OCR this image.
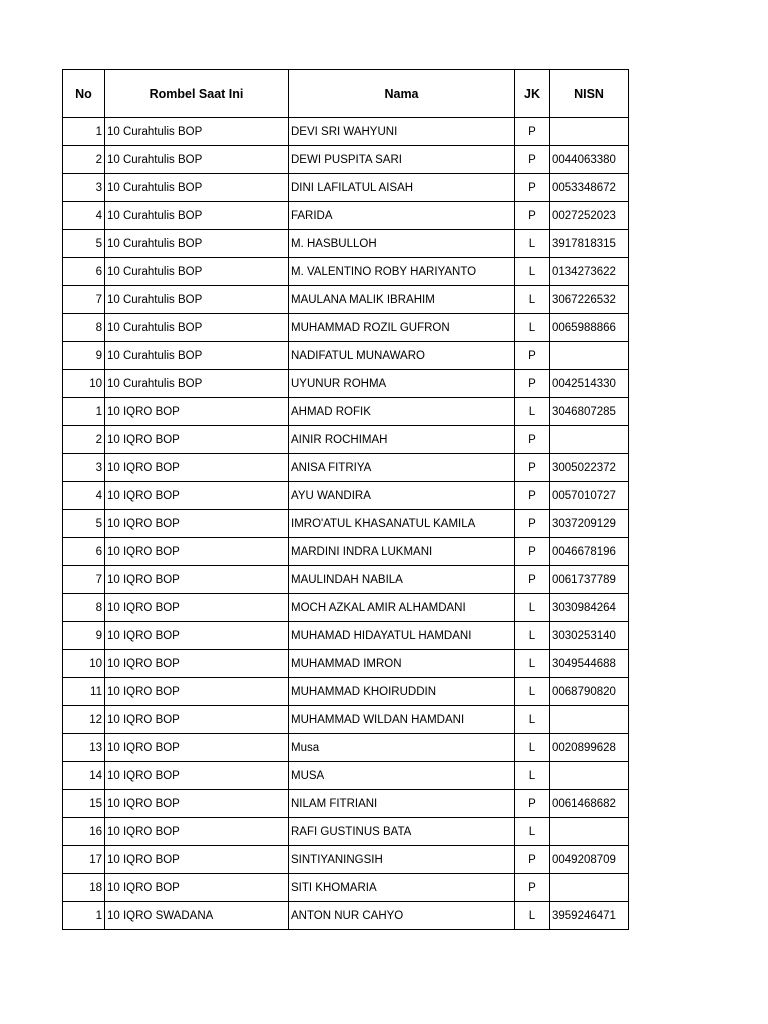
No	Rombel Saat Ini	Nama	JK	NISN
1	10 Curahtulis BOP	DEVI SRI WAHYUNI	P	
2	10 Curahtulis BOP	DEWI PUSPITA SARI	P	0044063380
3	10 Curahtulis BOP	DINI LAFILATUL AISAH	P	0053348672
4	10 Curahtulis BOP	FARIDA	P	0027252023
5	10 Curahtulis BOP	M. HASBULLOH	L	3917818315
6	10 Curahtulis BOP	M. VALENTINO ROBY HARIYANTO	L	0134273622
7	10 Curahtulis BOP	MAULANA MALIK IBRAHIM	L	3067226532
8	10 Curahtulis BOP	MUHAMMAD ROZIL GUFRON	L	0065988866
9	10 Curahtulis BOP	NADIFATUL MUNAWARO	P	
10	10 Curahtulis BOP	UYUNUR ROHMA	P	0042514330
1	10 IQRO BOP	AHMAD ROFIK	L	3046807285
2	10 IQRO BOP	AINIR ROCHIMAH	P	
3	10 IQRO BOP	ANISA FITRIYA	P	3005022372
4	10 IQRO BOP	AYU WANDIRA	P	0057010727
5	10 IQRO BOP	IMRO'ATUL KHASANATUL KAMILA	P	3037209129
6	10 IQRO BOP	MARDINI INDRA LUKMANI	P	0046678196
7	10 IQRO BOP	MAULINDAH NABILA	P	0061737789
8	10 IQRO BOP	MOCH AZKAL AMIR ALHAMDANI	L	3030984264
9	10 IQRO BOP	MUHAMAD HIDAYATUL HAMDANI	L	3030253140
10	10 IQRO BOP	MUHAMMAD IMRON	L	3049544688
11	10 IQRO BOP	MUHAMMAD KHOIRUDDIN	L	0068790820
12	10 IQRO BOP	MUHAMMAD WILDAN HAMDANI	L	
13	10 IQRO BOP	Musa	L	0020899628
14	10 IQRO BOP	MUSA	L	
15	10 IQRO BOP	NILAM FITRIANI	P	0061468682
16	10 IQRO BOP	RAFI GUSTINUS BATA	L	
17	10 IQRO BOP	SINTIYANINGSIH	P	0049208709
18	10 IQRO BOP	SITI KHOMARIA	P	
1	10 IQRO SWADANA	ANTON NUR CAHYO	L	3959246471
